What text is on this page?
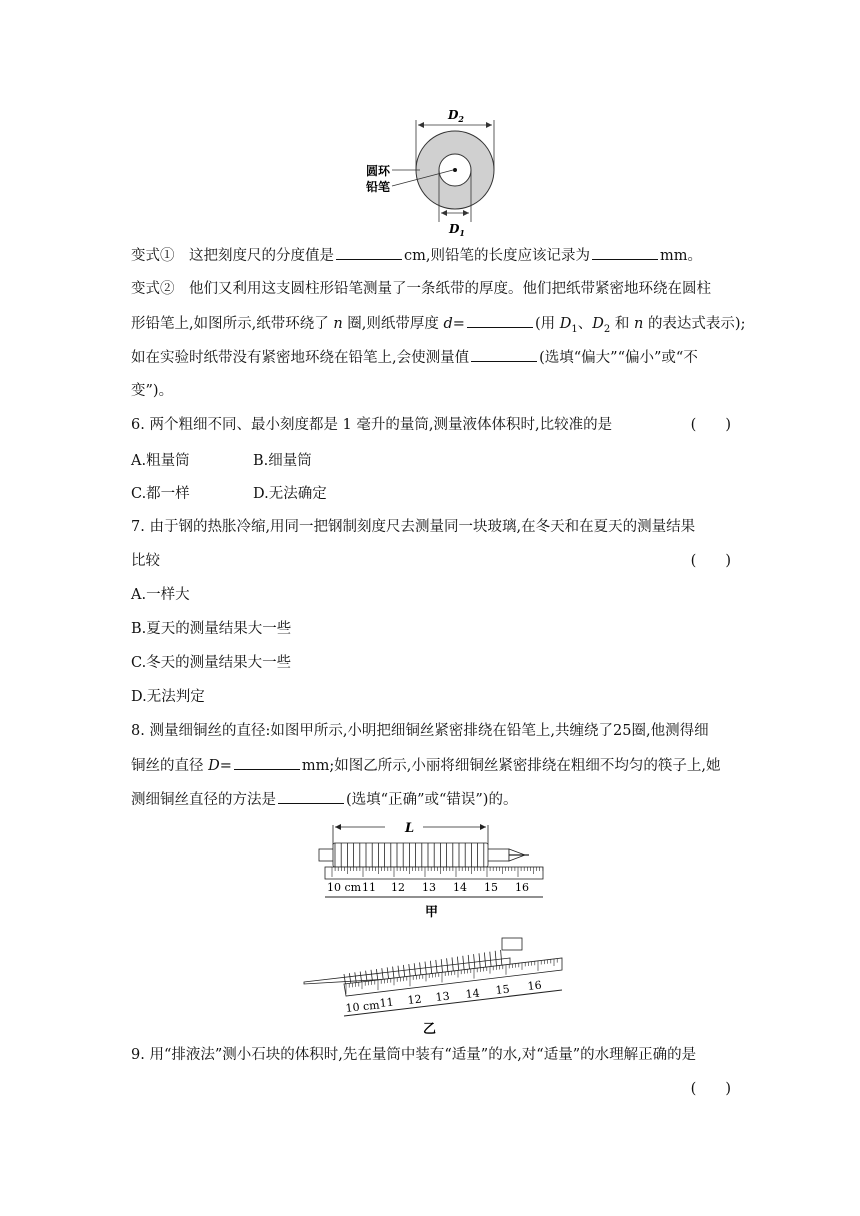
$D_2$
$D_1$
圆环
铅笔
变式①　这把刻度尺的分度值是	cm,则铅笔的长度应该记录为	mm。
变式②　他们又利用这支圆柱形铅笔测量了一条纸带的厚度。他们把纸带紧密地环绕在圆柱
形铅笔上,如图所示,纸带环绕了 n 圈,则纸带厚度 d=	(用 $D_1$、$D_2$ 和 n 的表达式表示);
如在实验时纸带没有紧密地环绕在铅笔上,会使测量值	(选填“偏大”“偏小”或“不
变”)。
6. 两个粗细不同、最小刻度都是 1 毫升的量筒,测量液体体积时,比较准的是	(　　)
A.粗量筒	B.细量筒
C.都一样	D.无法确定
7. 由于钢的热胀冷缩,用同一把钢制刻度尺去测量同一块玻璃,在冬天和在夏天的测量结果
比较	(　　)
A.一样大
B.夏天的测量结果大一些
C.冬天的测量结果大一些
D.无法判定
8. 测量细铜丝的直径:如图甲所示,小明把细铜丝紧密排绕在铅笔上,共缠绕了25圈,他测得细
铜丝的直径 D=	mm;如图乙所示,小丽将细铜丝紧密排绕在粗细不均匀的筷子上,她
测细铜丝直径的方法是	(选填“正确”或“错误”)的。
L
10 cm 11 12 13 14 15 16
甲
10 cm
11 12 13 14 15 16
乙
9. 用“排液法”测小石块的体积时,先在量筒中装有“适量”的水,对“适量”的水理解正确的是
(　　)
